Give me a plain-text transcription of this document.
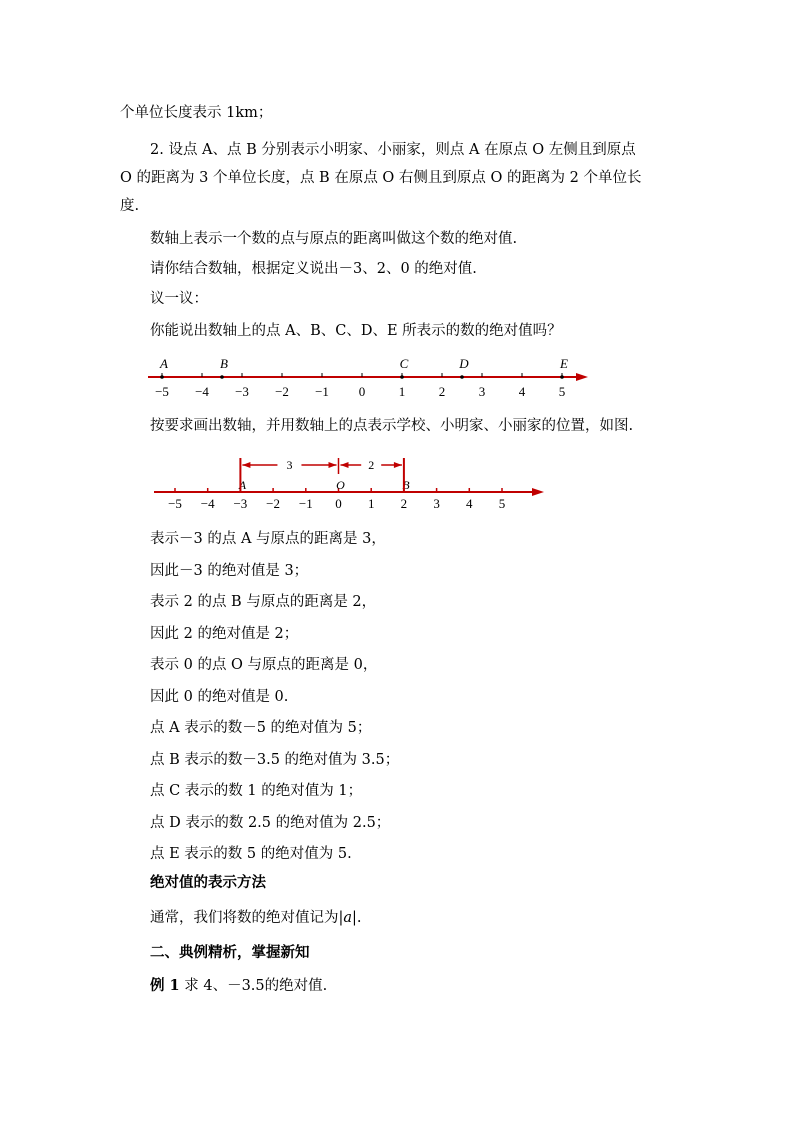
个单位长度表示 1km；
2. 设点 A、点 B 分别表示小明家、小丽家，则点 A 在原点 O 左侧且到原点
O 的距离为 3 个单位长度，点 B 在原点 O 右侧且到原点 O 的距离为 2 个单位长
度.
数轴上表示一个数的点与原点的距离叫做这个数的绝对值.
请你结合数轴，根据定义说出－3、2、0 的绝对值.
议一议：
你能说出数轴上的点 A、B、C、D、E 所表示的数的绝对值吗？
−5 −4 −3 −2 −1 0	1	2	3	4	5
A	B	C	D	E
按要求画出数轴，并用数轴上的点表示学校、小明家、小丽家的位置，如图.
−5 −4 −3 −2 −1 0 1 2 3 4 5
A	O	B
3	2
表示－3 的点 A 与原点的距离是 3，
因此－3 的绝对值是 3；
表示 2 的点 B 与原点的距离是 2，
因此 2 的绝对值是 2；
表示 0 的点 O 与原点的距离是 0，
因此 0 的绝对值是 0.
点 A 表示的数－5 的绝对值为 5；
点 B 表示的数－3.5 的绝对值为 3.5；
点 C 表示的数 1 的绝对值为 1；
点 D 表示的数 2.5 的绝对值为 2.5；
点 E 表示的数 5 的绝对值为 5.
绝对值的表示方法
通常，我们将数的绝对值记为|a|.
二、典例精析，掌握新知
例 1 求 4、－3.5的绝对值.
